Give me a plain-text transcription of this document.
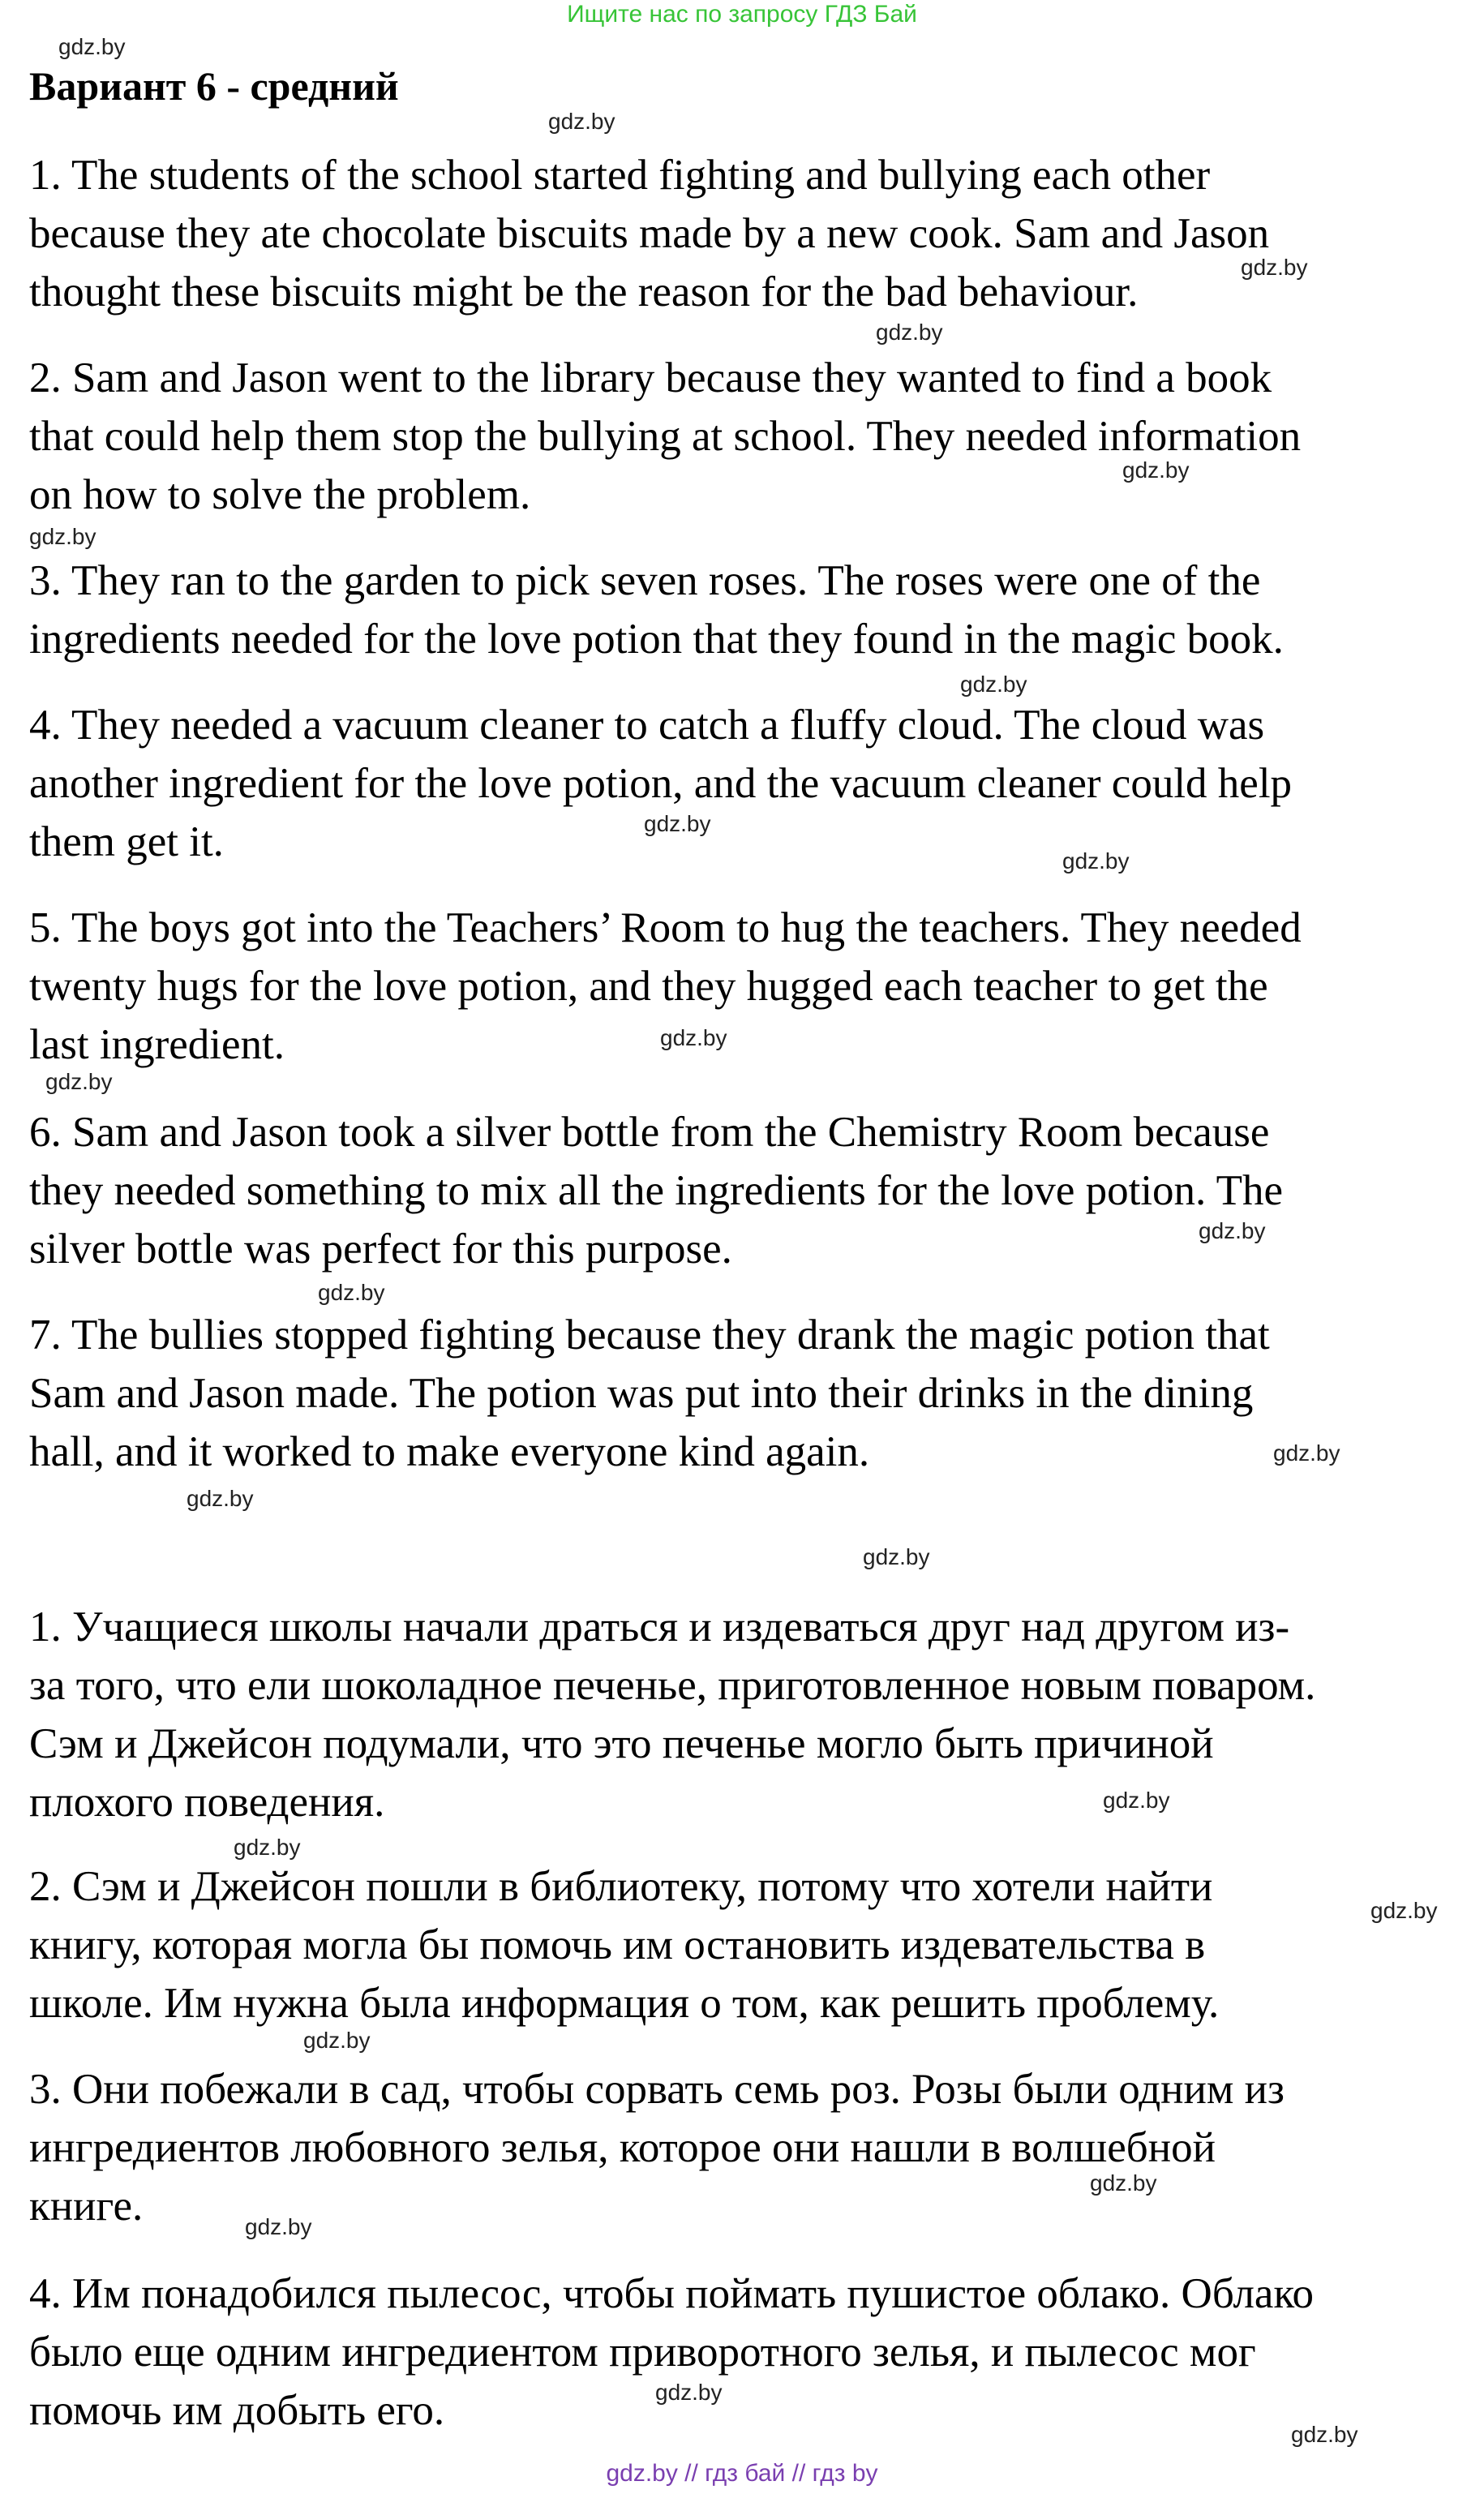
Ищите нас по запросу ГДЗ Бай
Вариант 6 - средний

1. The students of the school started fighting and bullying each other
because they ate chocolate biscuits made by a new cook. Sam and Jason
thought these biscuits might be the reason for the bad behaviour.

2. Sam and Jason went to the library because they wanted to find a book
that could help them stop the bullying at school. They needed information
on how to solve the problem.

3. They ran to the garden to pick seven roses. The roses were one of the
ingredients needed for the love potion that they found in the magic book.

4. They needed a vacuum cleaner to catch a fluffy cloud. The cloud was
another ingredient for the love potion, and the vacuum cleaner could help
them get it.

5. The boys got into the Teachers’ Room to hug the teachers. They needed
twenty hugs for the love potion, and they hugged each teacher to get the
last ingredient.

6. Sam and Jason took a silver bottle from the Chemistry Room because
they needed something to mix all the ingredients for the love potion. The
silver bottle was perfect for this purpose.

7. The bullies stopped fighting because they drank the magic potion that
Sam and Jason made. The potion was put into their drinks in the dining
hall, and it worked to make everyone kind again.

1. Учащиеся школы начали драться и издеваться друг над другом из-
за того, что ели шоколадное печенье, приготовленное новым поваром.
Сэм и Джейсон подумали, что это печенье могло быть причиной
плохого поведения.

2. Сэм и Джейсон пошли в библиотеку, потому что хотели найти
книгу, которая могла бы помочь им остановить издевательства в
школе. Им нужна была информация о том, как решить проблему.

3. Они побежали в сад, чтобы сорвать семь роз. Розы были одним из
ингредиентов любовного зелья, которое они нашли в волшебной
книге.

4. Им понадобился пылесос, чтобы поймать пушистое облако. Облако
было еще одним ингредиентом приворотного зелья, и пылесос мог
помочь им добыть его.

gdz.by
gdz.by
gdz.by
gdz.by
gdz.by
gdz.by
gdz.by
gdz.by
gdz.by
gdz.by
gdz.by
gdz.by
gdz.by
gdz.by
gdz.by
gdz.by
gdz.by
gdz.by
gdz.by
gdz.by
gdz.by
gdz.by
gdz.by
gdz.by
gdz.by // гдз бай // гдз by
